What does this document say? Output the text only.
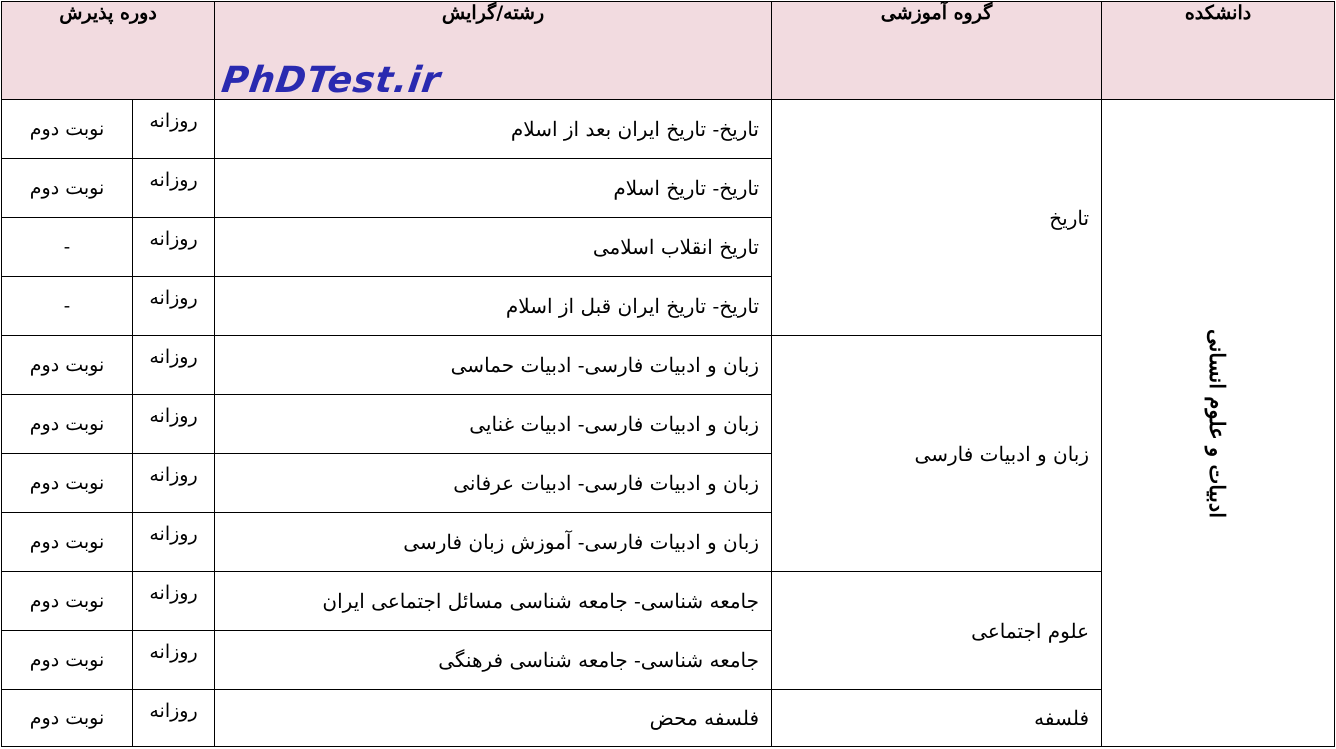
دانشکده	گروه آموزشی	رشته/گرایش	دوره پذیرش	
ادبیات و علوم انسانی	تاریخ	تاریخ- تاریخ ایران بعد از اسلام	روزانه	نوبت دوم
		تاریخ- تاریخ اسلام	روزانه	نوبت دوم
		تاریخ انقلاب اسلامی	روزانه	-
		تاریخ- تاریخ ایران قبل از اسلام	روزانه	-
	زبان و ادبیات فارسی	زبان و ادبیات فارسی- ادبیات حماسی	روزانه	نوبت دوم
		زبان و ادبیات فارسی- ادبیات غنایی	روزانه	نوبت دوم
		زبان و ادبیات فارسی- ادبیات عرفانی	روزانه	نوبت دوم
		زبان و ادبیات فارسی- آموزش زبان فارسی	روزانه	نوبت دوم
	علوم اجتماعی	جامعه شناسی- جامعه شناسی مسائل اجتماعی ایران	روزانه	نوبت دوم
		جامعه شناسی- جامعه شناسی فرهنگی	روزانه	نوبت دوم
	فلسفه	فلسفه محض	روزانه	نوبت دوم
PhDTest.ir
